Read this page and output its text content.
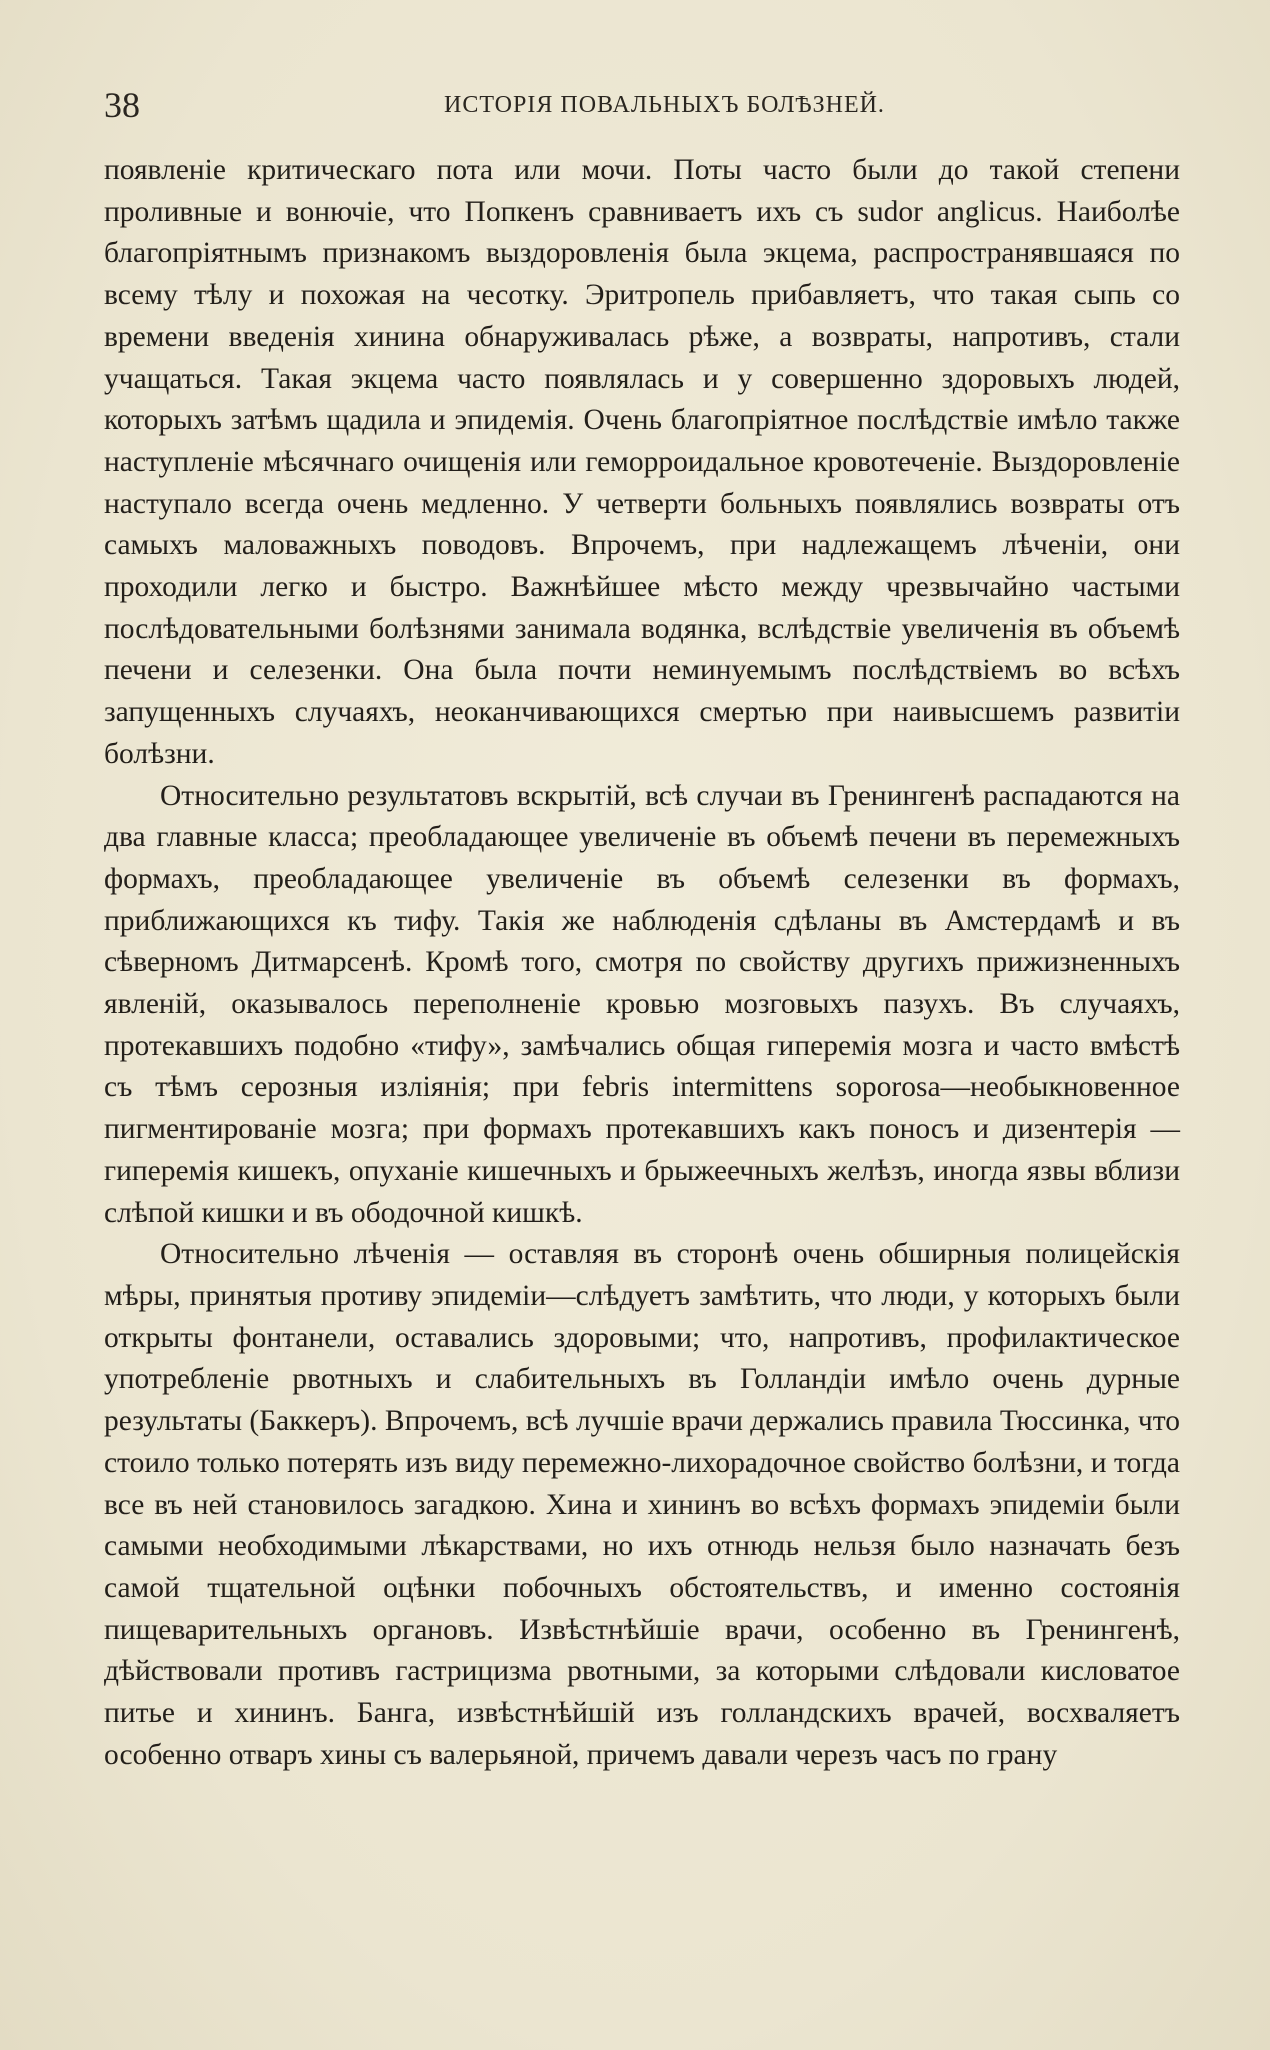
38	ИСТОРІЯ ПОВАЛЬНЫХЪ БОЛѢЗНЕЙ.

появленіе критическаго пота или мочи. Поты часто были до такой степени проливные и вонючіе, что Попкенъ сравниваетъ ихъ съ sudor anglicus. Наиболѣе благопріятнымъ признакомъ выздоровленія была экцема, распространявшаяся по всему тѣлу и похожая на чесотку. Эритропель прибавляетъ, что такая сыпь со времени введенія хинина обнаруживалась рѣже, а возвраты, напротивъ, стали учащаться. Такая экцема часто появлялась и у совершенно здоровыхъ людей, которыхъ затѣмъ щадила и эпидемія. Очень благопріятное послѣдствіе имѣло также наступленіе мѣсячнаго очищенія или геморроидальное кровотеченіе. Выздоровленіе наступало всегда очень медленно. У четверти больныхъ появлялись возвраты отъ самыхъ маловажныхъ поводовъ. Впрочемъ, при надлежащемъ лѣченіи, они проходили легко и быстро. Важнѣйшее мѣсто между чрезвычайно частыми послѣдовательными болѣзнями занимала водянка, вслѣдствіе увеличенія въ объемѣ печени и селезенки. Она была почти неминуемымъ послѣдствіемъ во всѣхъ запущенныхъ случаяхъ, неоканчивающихся смертью при наивысшемъ развитіи болѣзни.

Относительно результатовъ вскрытій, всѣ случаи въ Гренингенѣ распадаются на два главные класса; преобладающее увеличеніе въ объемѣ печени въ перемежныхъ формахъ, преобладающее увеличеніе въ объемѣ селезенки въ формахъ, приближающихся къ тифу. Такія же наблюденія сдѣланы въ Амстердамѣ и въ сѣверномъ Дитмарсенѣ. Кромѣ того, смотря по свойству другихъ прижизненныхъ явленій, оказывалось переполненіе кровью мозговыхъ пазухъ. Въ случаяхъ, протекавшихъ подобно «тифу», замѣчались общая гиперемія мозга и часто вмѣстѣ съ тѣмъ серозныя изліянія; при febris intermittens soporosa—необыкновенное пигментированіе мозга; при формахъ протекавшихъ какъ поносъ и дизентерія — гиперемія кишекъ, опуханіе кишечныхъ и брыжеечныхъ желѣзъ, иногда язвы вблизи слѣпой кишки и въ ободочной кишкѣ.

Относительно лѣченія — оставляя въ сторонѣ очень обширныя полицейскія мѣры, принятыя противу эпидеміи—слѣдуетъ замѣтить, что люди, у которыхъ были открыты фонтанели, оставались здоровыми; что, напротивъ, профилактическое употребленіе рвотныхъ и слабительныхъ въ Голландіи имѣло очень дурные результаты (Баккеръ). Впрочемъ, всѣ лучшіе врачи держались правила Тюссинка, что стоило только потерять изъ виду перемежно-лихорадочное свойство болѣзни, и тогда все въ ней становилось загадкою. Хина и хининъ во всѣхъ формахъ эпидеміи были самыми необходимыми лѣкарствами, но ихъ отнюдь нельзя было назначать безъ самой тщательной оцѣнки побочныхъ обстоятельствъ, и именно состоянія пищеварительныхъ органовъ. Извѣстнѣйшіе врачи, особенно въ Гренингенѣ, дѣйствовали противъ гастрицизма рвотными, за которыми слѣдовали кисловатое питье и хининъ. Банга, извѣстнѣйшій изъ голландскихъ врачей, восхваляетъ особенно отваръ хины съ валерьяной, причемъ давали черезъ часъ по грану
